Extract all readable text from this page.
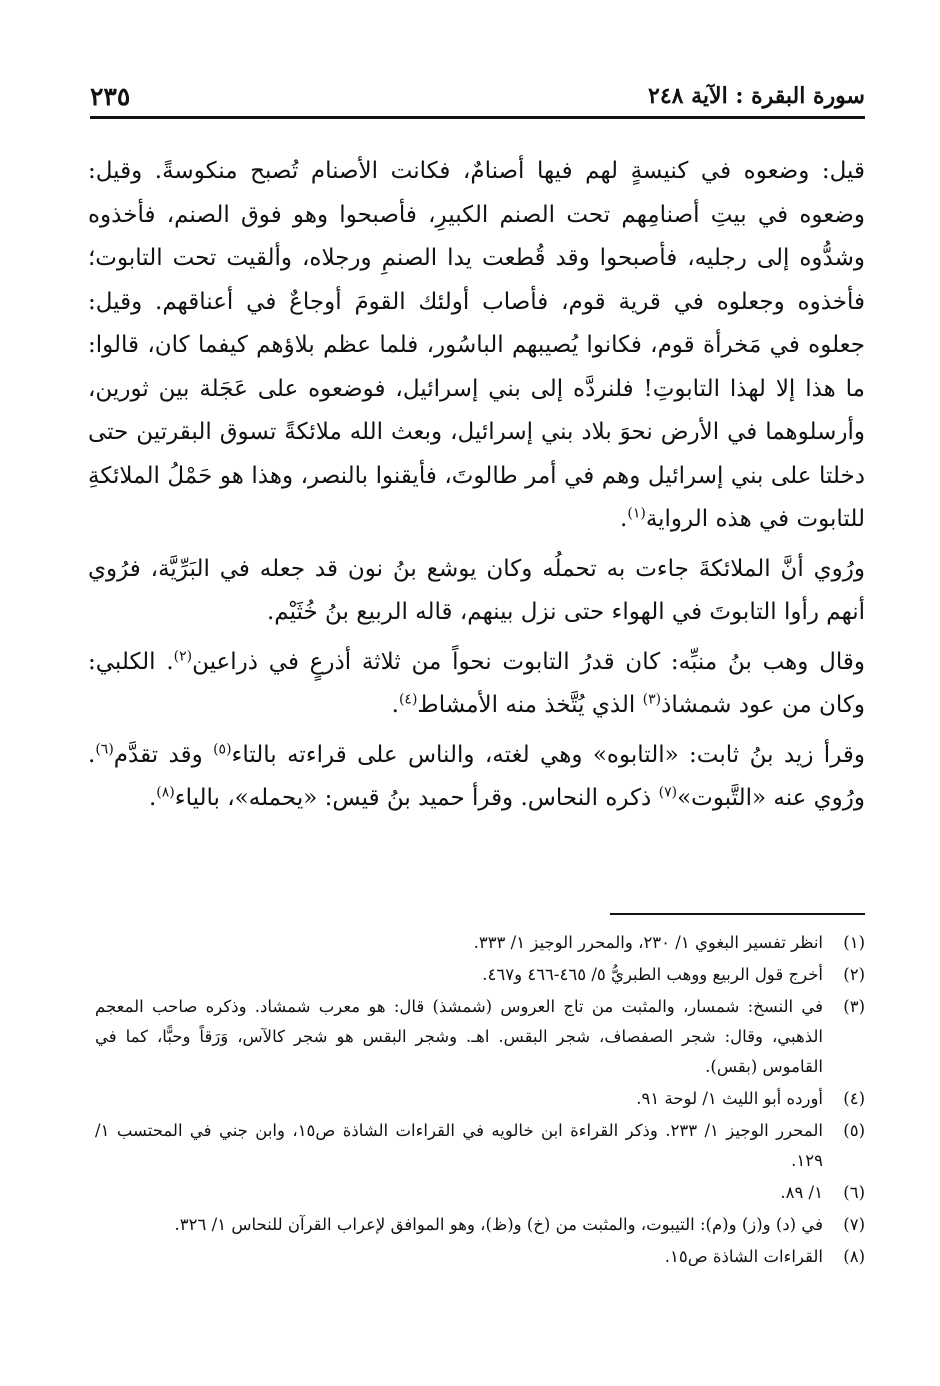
٢٣٥	سورة البقرة : الآية ٢٤٨

قيل: وضعوه في كنيسةٍ لهم فيها أصنامٌ، فكانت الأصنام تُصبح منكوسةً. وقيل: وضعوه في بيتِ أصنامِهم تحت الصنم الكبيرِ، فأصبحوا وهو فوق الصنم، فأخذوه وشدُّوه إلى رجليه، فأصبحوا وقد قُطعت يدا الصنمِ ورجلاه، وألقيت تحت التابوت؛ فأخذوه وجعلوه في قرية قوم، فأصاب أولئك القومَ أوجاعٌ في أعناقهم. وقيل: جعلوه في مَخرأة قوم، فكانوا يُصيبهم الباسُور، فلما عظم بلاؤهم كيفما كان، قالوا: ما هذا إلا لهذا التابوتِ! فلنردَّه إلى بني إسرائيل، فوضعوه على عَجَلة بين ثورين، وأرسلوهما في الأرض نحوَ بلاد بني إسرائيل، وبعث الله ملائكةً تسوق البقرتين حتى دخلتا على بني إسرائيل وهم في أمر طالوتَ، فأيقنوا بالنصر، وهذا هو حَمْلُ الملائكةِ للتابوت في هذه الرواية$^{(١)}$.

ورُوي أنَّ الملائكةَ جاءت به تحملُه وكان يوشع بنُ نون قد جعله في البَرِّيَّة، فرُوي أنهم رأوا التابوتَ في الهواء حتى نزل بينهم، قاله الربيع بنُ خُثَيْم.

وقال وهب بنُ منبِّه: كان قدرُ التابوت نحواً من ثلاثة أذرعٍ في ذراعين$^{(٢)}$. الكلبي: وكان من عود شمشاذ$^{(٣)}$ الذي يُتَّخذ منه الأمشاط$^{(٤)}$.

وقرأ زيد بنُ ثابت: «التابوه» وهي لغته، والناس على قراءته بالتاء$^{(٥)}$ وقد تقدَّم$^{(٦)}$. ورُوي عنه «التَّبوت»$^{(٧)}$ ذكره النحاس. وقرأ حميد بنُ قيس: «يحمله»، بالياء$^{(٨)}$.

(١)
انظر تفسير البغوي ١/ ٢٣٠، والمحرر الوجيز ١/ ٣٣٣.
(٢)
أخرج قول الربيع ووهب الطبريُّ ٥/ ٤٦٥-٤٦٦ و٤٦٧.
(٣)
في النسخ: شمسار، والمثبت من تاج العروس (شمشذ) قال: هو معرب شمشاد. وذكره صاحب المعجم الذهبي، وقال: شجر الصفصاف، شجر البقس. اهـ. وشجر البقس هو شجر كالآس، وَرَقاً وحبًّا، كما في القاموس (بقس).
(٤)
أورده أبو الليث ١/ لوحة ٩١.
(٥)
المحرر الوجيز ١/ ٢٣٣. وذكر القراءة ابن خالويه في القراءات الشاذة ص١٥، وابن جني في المحتسب ١/ ١٢٩.
(٦)
١/ ٨٩.
(٧)
في (د) و(ز) و(م): التيبوت، والمثبت من (خ) و(ظ)، وهو الموافق لإعراب القرآن للنحاس ١/ ٣٢٦.
(٨)
القراءات الشاذة ص١٥.
